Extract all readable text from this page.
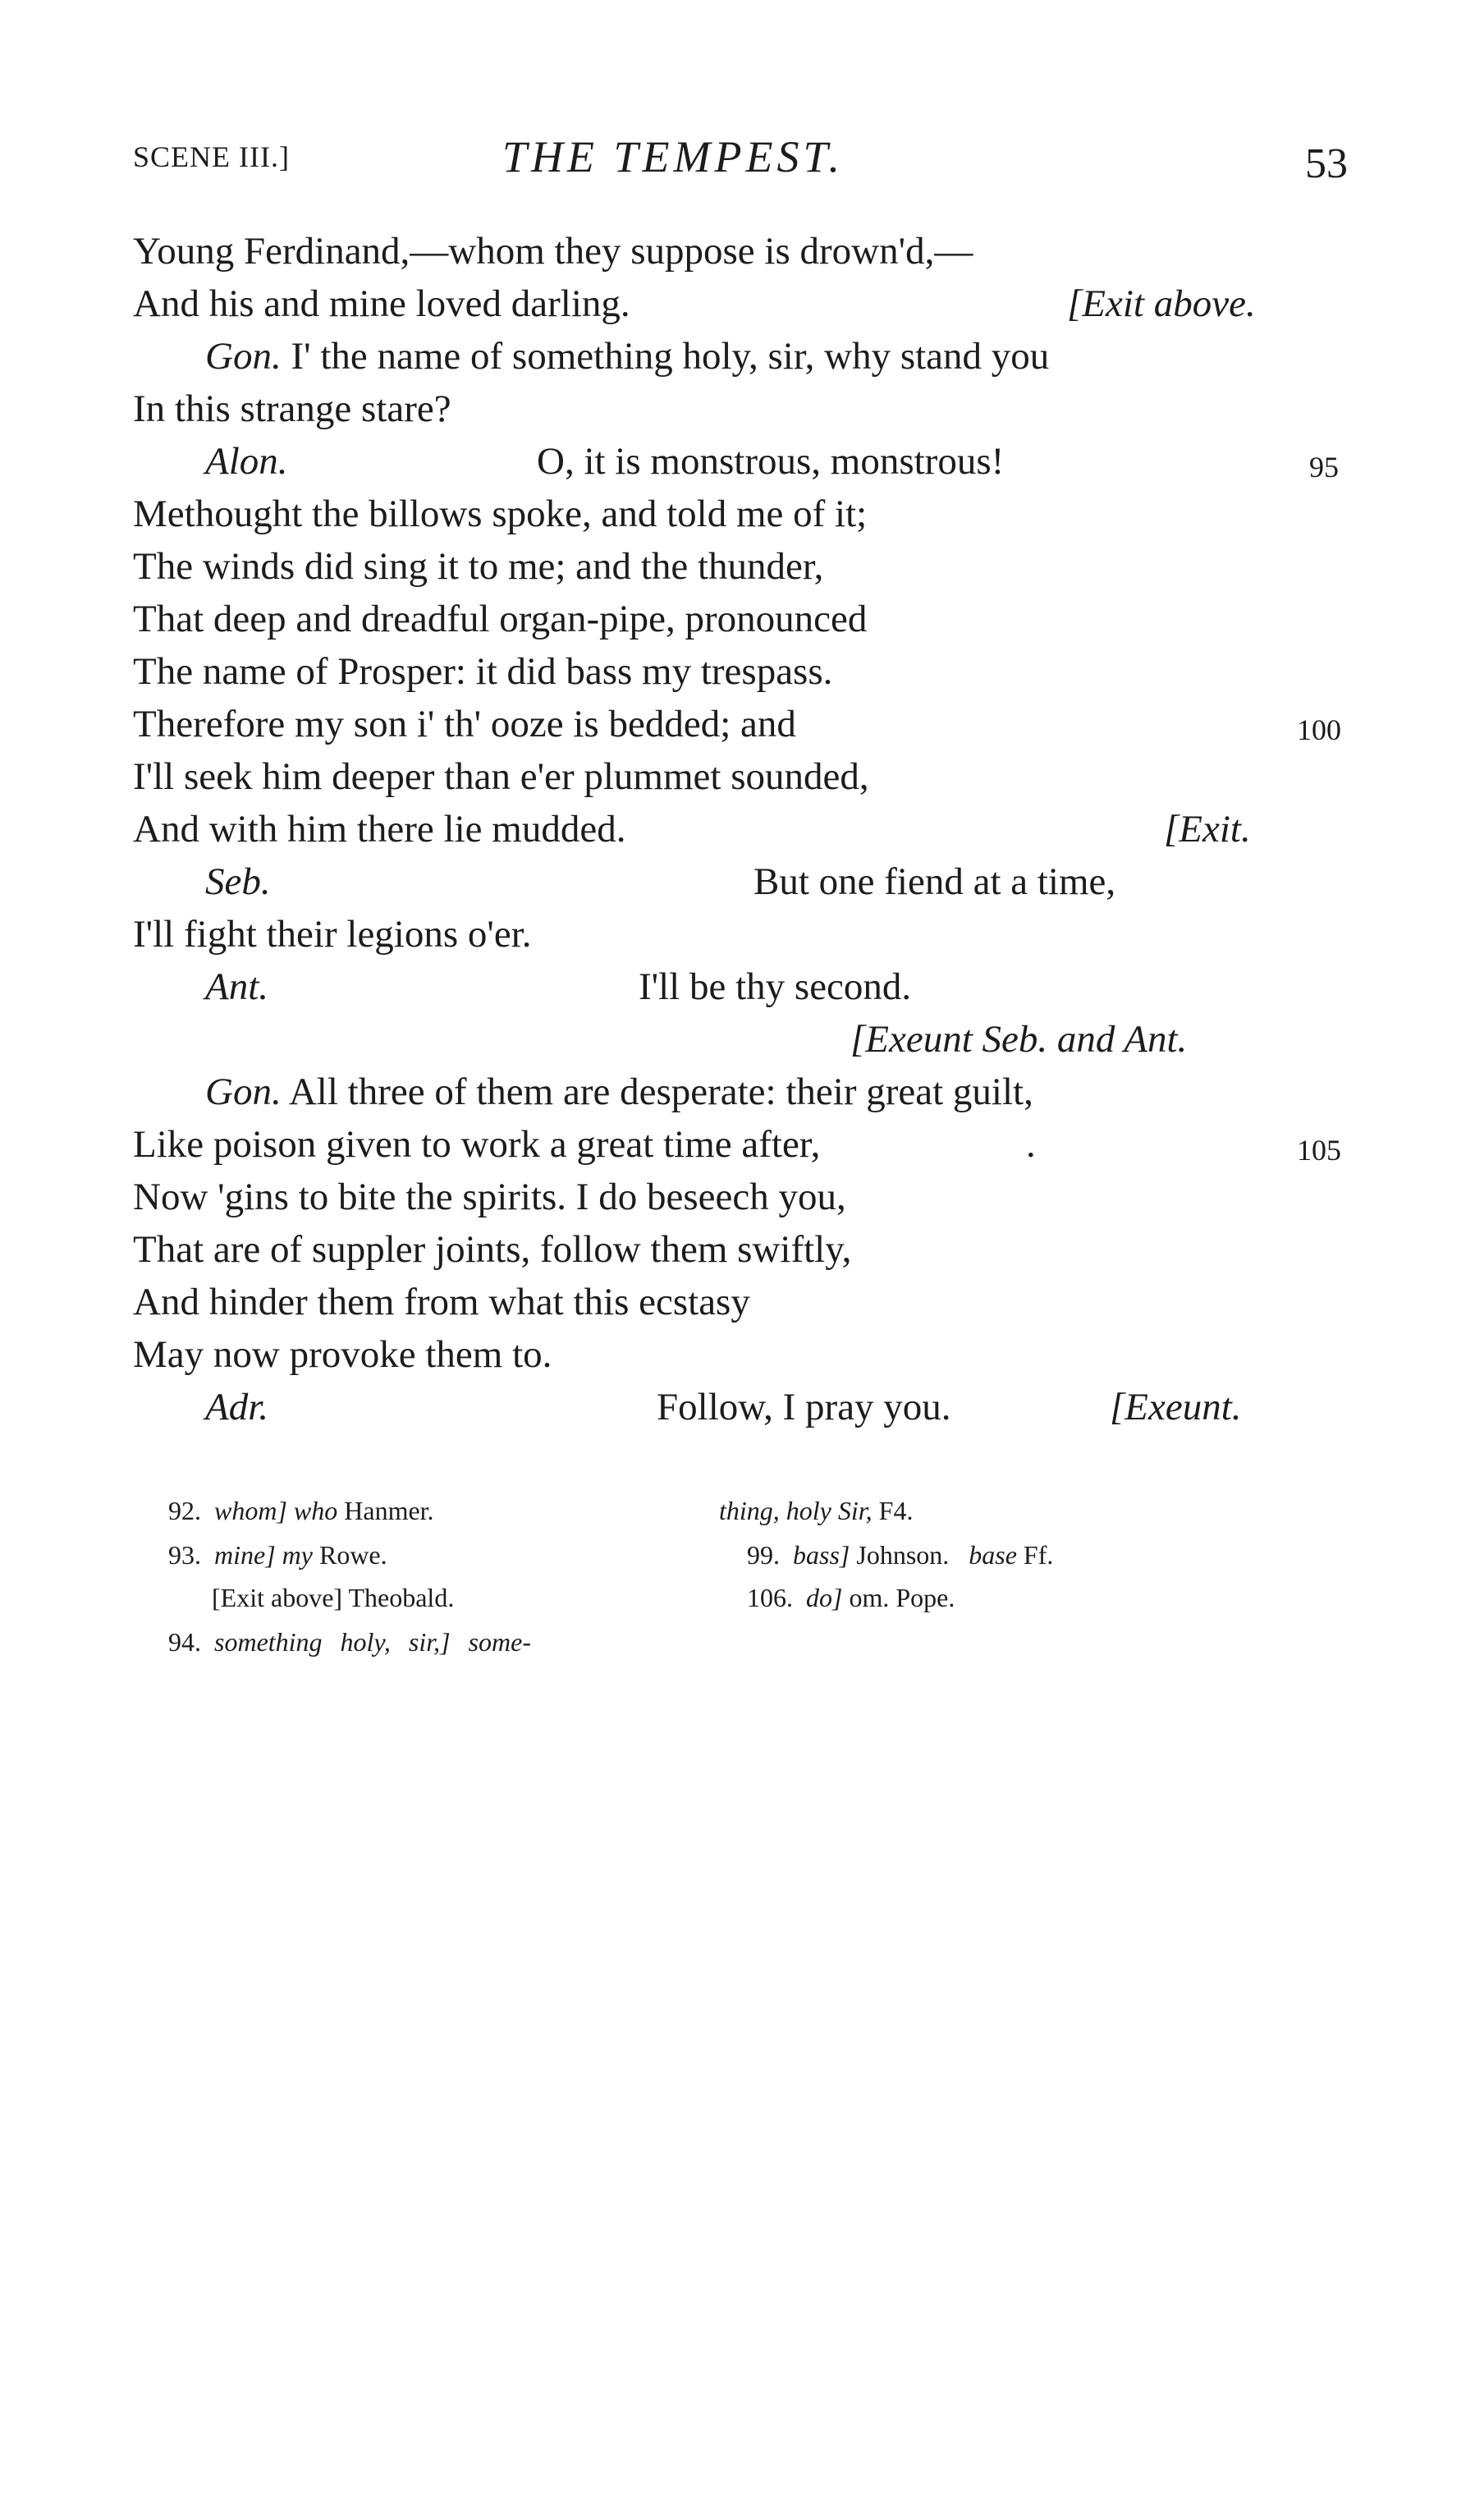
SCENE III.]	THE TEMPEST.	53
Young Ferdinand,—whom they suppose is drown'd,—
And his and mine loved darling.	[Exit above.
Gon. I' the name of something holy, sir, why stand you
In this strange stare?
Alon.	O, it is monstrous, monstrous!	95
Methought the billows spoke, and told me of it;
The winds did sing it to me; and the thunder,
That deep and dreadful organ-pipe, pronounced
The name of Prosper: it did bass my trespass.
Therefore my son i' th' ooze is bedded; and	100
I'll seek him deeper than e'er plummet sounded,
And with him there lie mudded.	[Exit.
Seb.	But one fiend at a time,
I'll fight their legions o'er.
Ant.	I'll be thy second.
[Exeunt Seb. and Ant.
Gon. All three of them are desperate: their great guilt,
Like poison given to work a great time after,	.	105
Now 'gins to bite the spirits. I do beseech you,
That are of suppler joints, follow them swiftly,
And hinder them from what this ecstasy
May now provoke them to.
Adr.	Follow, I pray you.	[Exeunt.
92. whom] who Hanmer.
93. mine] my Rowe.
[Exit above] Theobald.
94. something holy, sir,] some-
thing, holy Sir, F4.
99. bass] Johnson. base Ff.
106. do] om. Pope.
